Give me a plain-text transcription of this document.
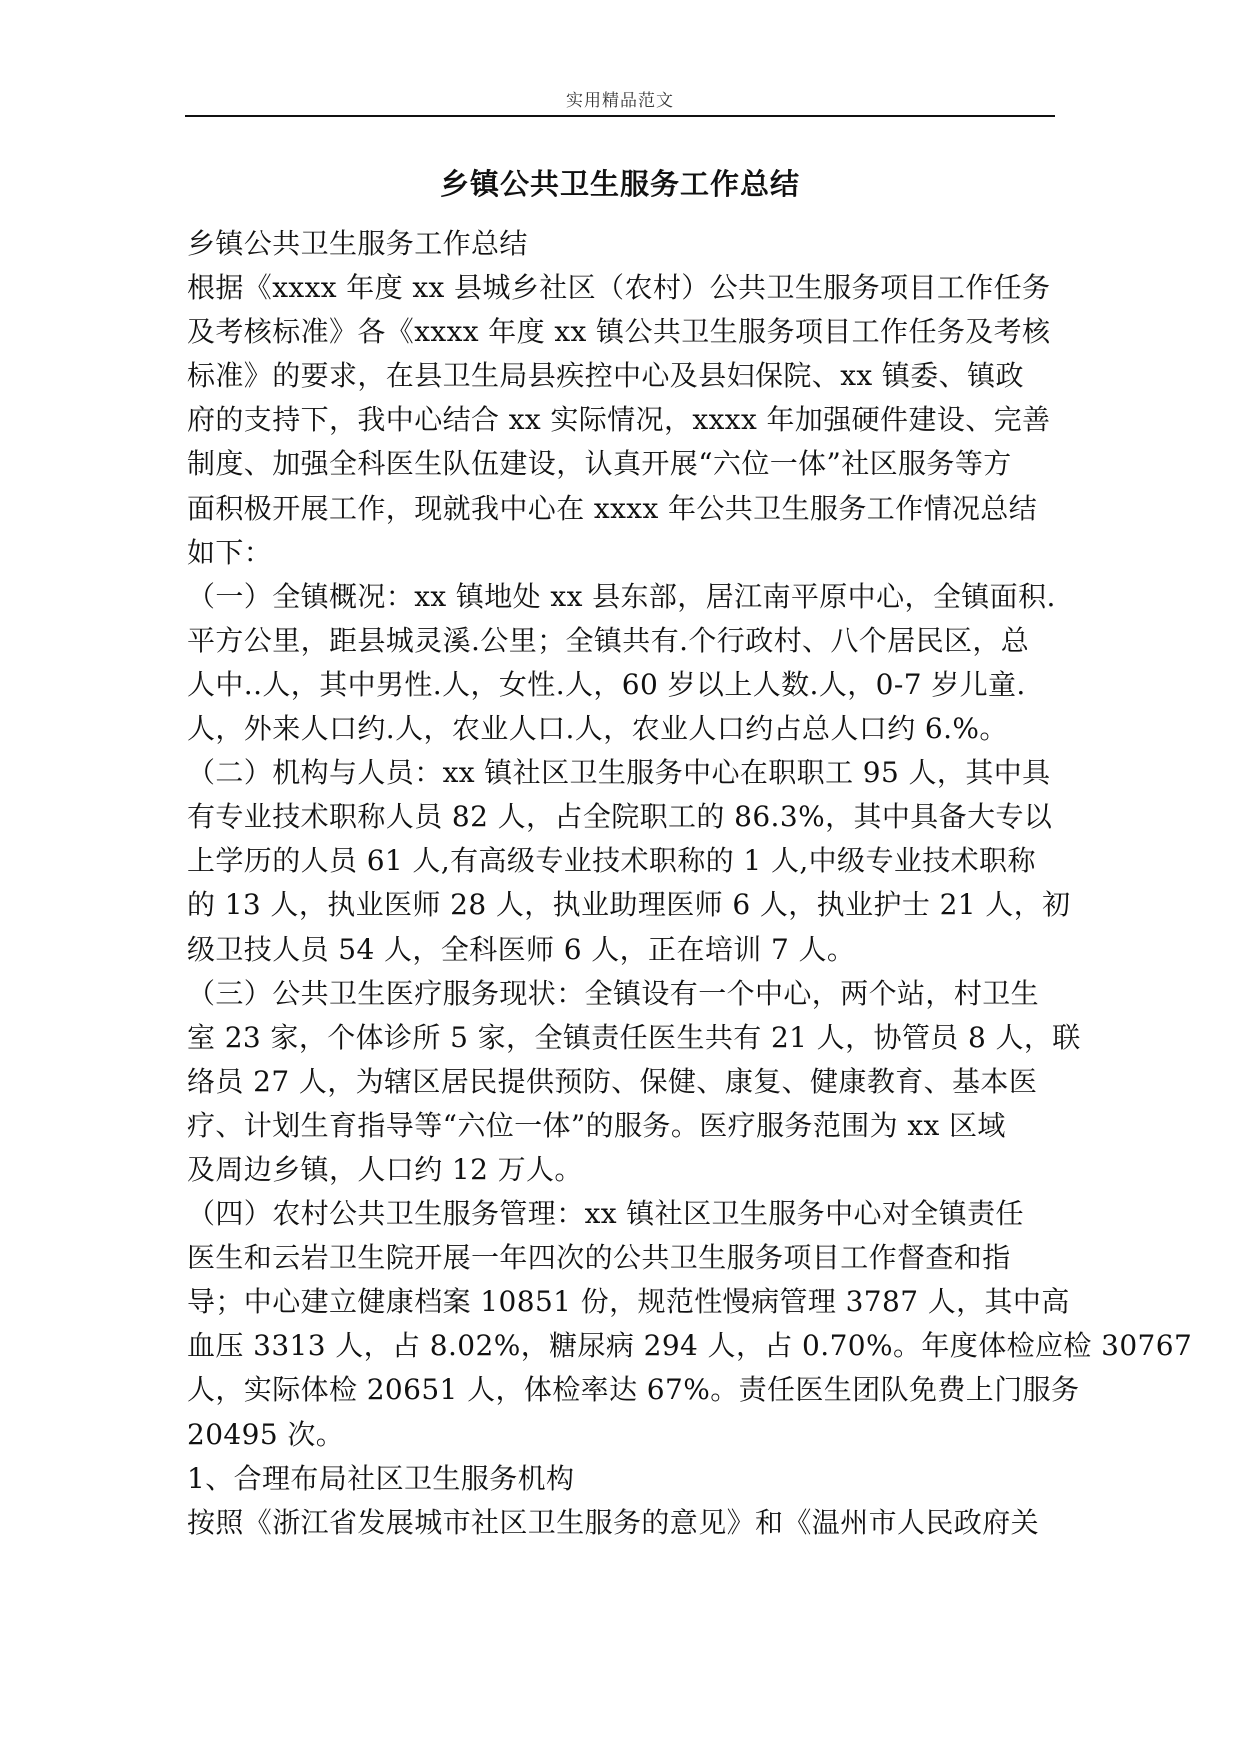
实用精品范文
乡镇公共卫生服务工作总结
乡镇公共卫生服务工作总结
根据《xxxx 年度 xx 县城乡社区（农村）公共卫生服务项目工作任务
及考核标准》各《xxxx 年度 xx 镇公共卫生服务项目工作任务及考核
标准》的要求，在县卫生局县疾控中心及县妇保院、xx 镇委、镇政
府的支持下，我中心结合 xx 实际情况，xxxx 年加强硬件建设、完善
制度、加强全科医生队伍建设，认真开展“六位一体”社区服务等方
面积极开展工作，现就我中心在 xxxx 年公共卫生服务工作情况总结
如下：
（一）全镇概况：xx 镇地处 xx 县东部，居江南平原中心，全镇面积.
平方公里，距县城灵溪.公里；全镇共有.个行政村、八个居民区，总
人中..人，其中男性.人，女性.人，60 岁以上人数.人，0-7 岁儿童.
人，外来人口约.人，农业人口.人，农业人口约占总人口约 6.%。
（二）机构与人员：xx 镇社区卫生服务中心在职职工 95 人，其中具
有专业技术职称人员 82 人，占全院职工的 86.3%，其中具备大专以
上学历的人员 61 人,有高级专业技术职称的 1 人,中级专业技术职称
的 13 人，执业医师 28 人，执业助理医师 6 人，执业护士 21 人，初
级卫技人员 54 人，全科医师 6 人，正在培训 7 人。
（三）公共卫生医疗服务现状：全镇设有一个中心，两个站，村卫生
室 23 家，个体诊所 5 家，全镇责任医生共有 21 人，协管员 8 人，联
络员 27 人，为辖区居民提供预防、保健、康复、健康教育、基本医
疗、计划生育指导等“六位一体”的服务。医疗服务范围为 xx 区域
及周边乡镇，人口约 12 万人。
（四）农村公共卫生服务管理：xx 镇社区卫生服务中心对全镇责任
医生和云岩卫生院开展一年四次的公共卫生服务项目工作督查和指
导；中心建立健康档案 10851 份，规范性慢病管理 3787 人，其中高
血压 3313 人，占 8.02%，糖尿病 294 人，占 0.70%。年度体检应检 30767
人，实际体检 20651 人，体检率达 67%。责任医生团队免费上门服务
20495 次。
1、合理布局社区卫生服务机构
按照《浙江省发展城市社区卫生服务的意见》和《温州市人民政府关
